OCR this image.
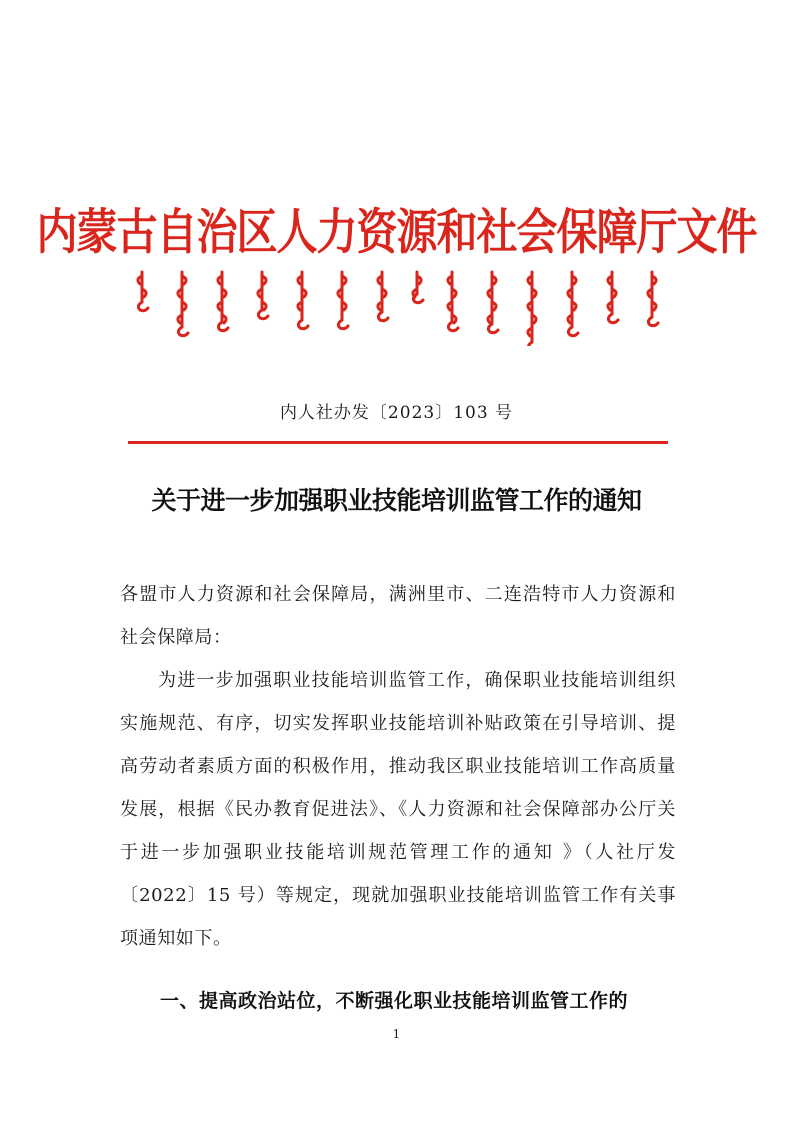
内蒙古自治区人力资源和社会保障厅文件
内人社办发〔2023〕103 号
关于进一步加强职业技能培训监管工作的通知
各盟市人力资源和社会保障局，满洲里市、二连浩特市人力资源和社会保障局：
为进一步加强职业技能培训监管工作，确保职业技能培训组织实施规范、有序，切实发挥职业技能培训补贴政策在引导培训、提高劳动者素质方面的积极作用，推动我区职业技能培训工作高质量发展，根据《民办教育促进法》、《人力资源和社会保障部办公厅关于进一步加强职业技能培训规范管理工作的通知 》（人社厅发〔2022〕15 号）等规定，现就加强职业技能培训监管工作有关事项通知如下。
一、提高政治站位，不断强化职业技能培训监管工作的
1
